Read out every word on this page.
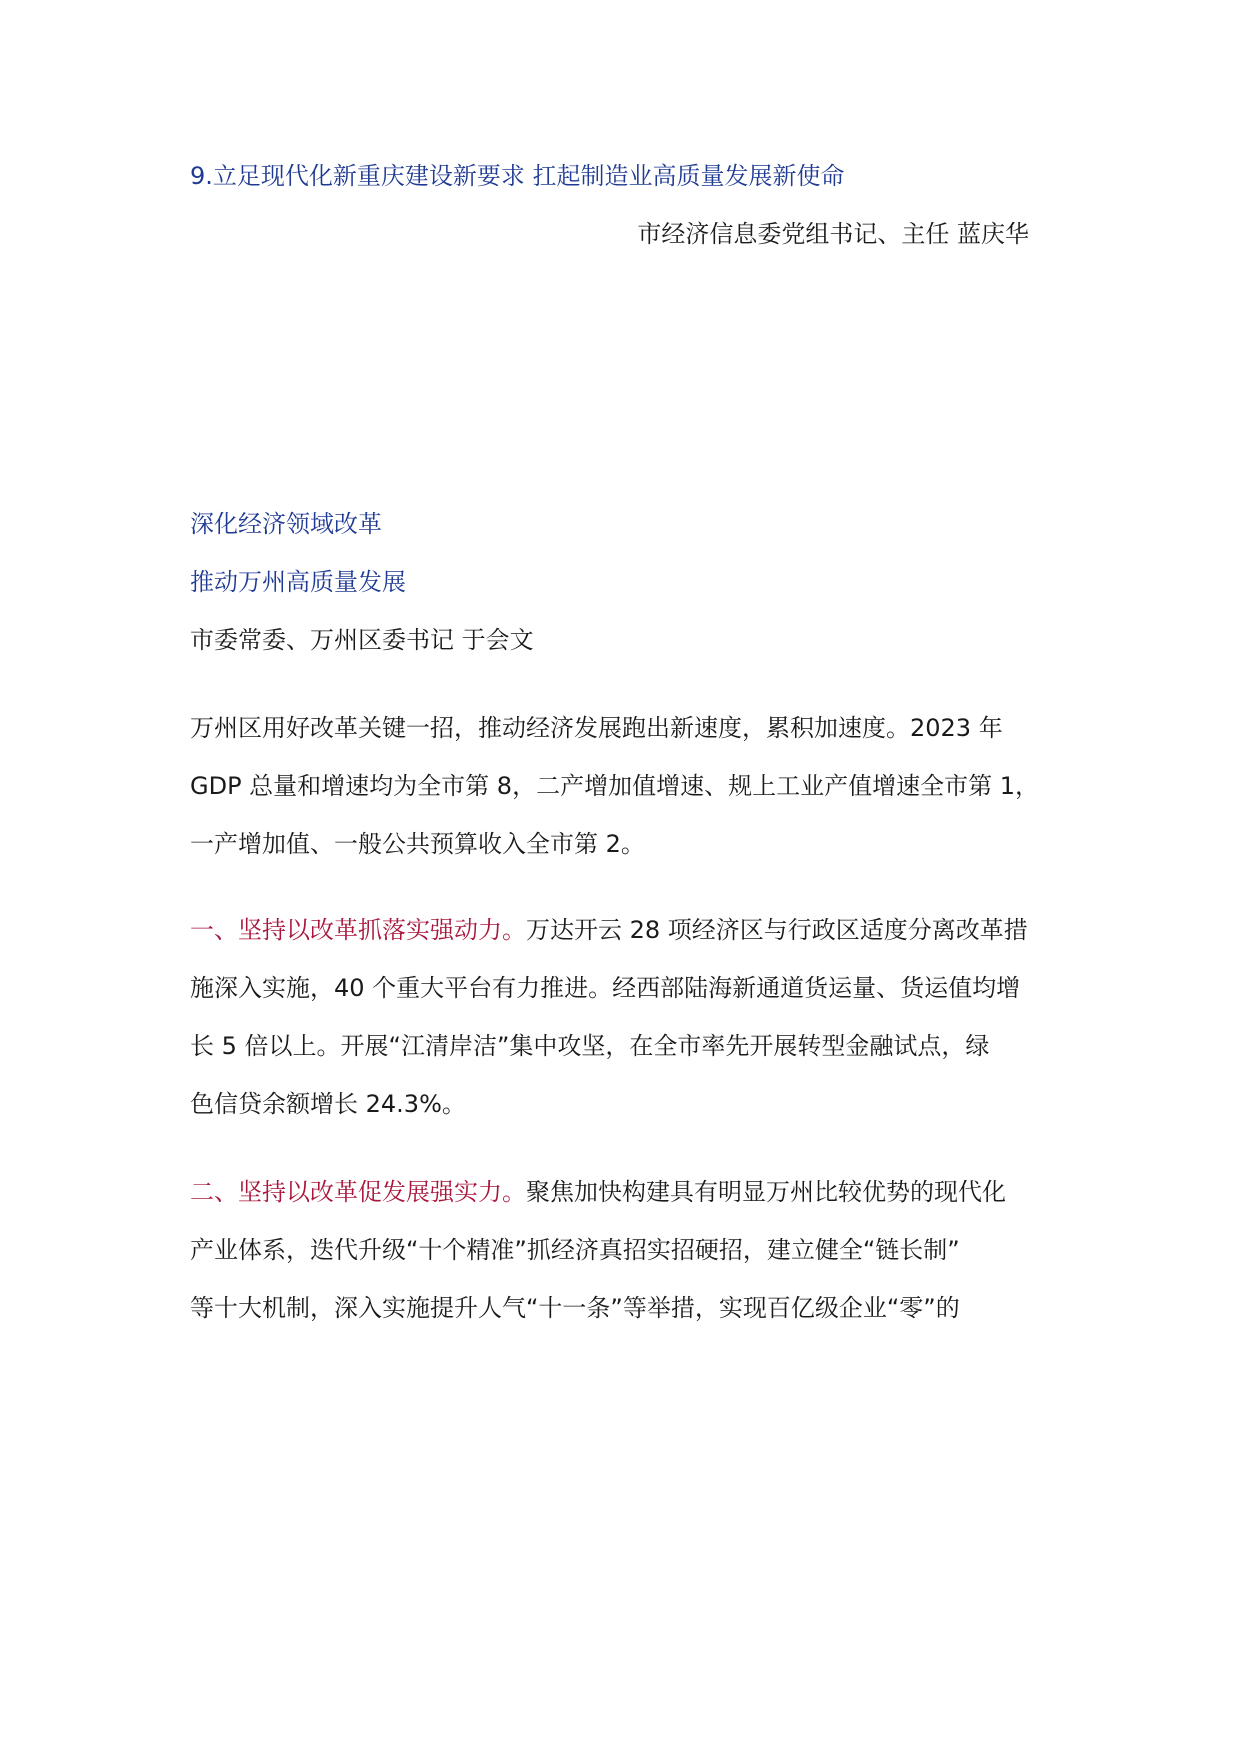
9.立足现代化新重庆建设新要求 扛起制造业高质量发展新使命
市经济信息委党组书记、主任 蓝庆华
深化经济领域改革
推动万州高质量发展
市委常委、万州区委书记 于会文
万州区用好改革关键一招，推动经济发展跑出新速度，累积加速度。2023 年
GDP 总量和增速均为全市第 8，二产增加值增速、规上工业产值增速全市第 1，
一产增加值、一般公共预算收入全市第 2。
一、坚持以改革抓落实强动力。万达开云 28 项经济区与行政区适度分离改革措
施深入实施，40 个重大平台有力推进。经西部陆海新通道货运量、货运值均增
长 5 倍以上。开展“江清岸洁”集中攻坚，在全市率先开展转型金融试点，绿
色信贷余额增长 24.3%。
二、坚持以改革促发展强实力。聚焦加快构建具有明显万州比较优势的现代化
产业体系，迭代升级“十个精准”抓经济真招实招硬招，建立健全“链长制”
等十大机制，深入实施提升人气“十一条”等举措，实现百亿级企业“零”的
